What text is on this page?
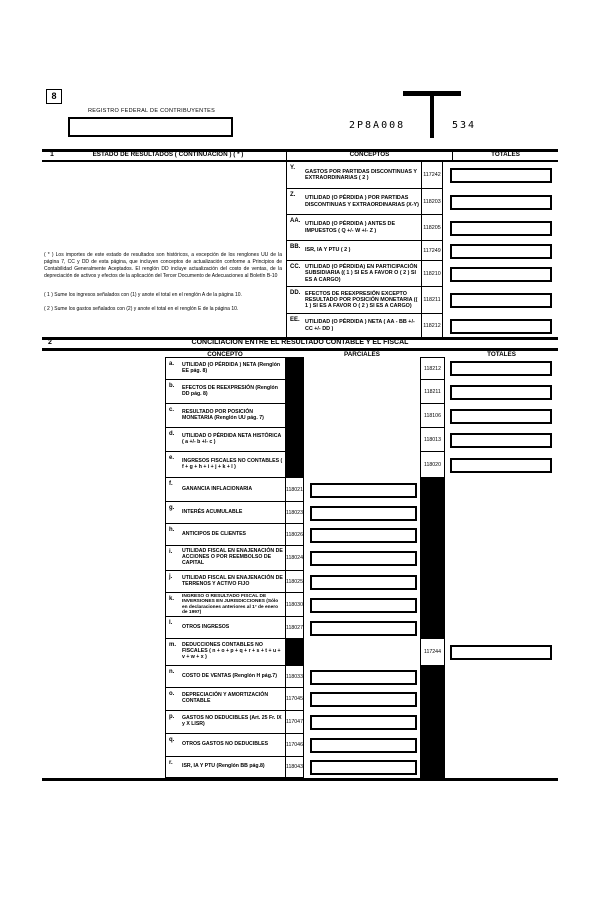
8
REGISTRO FEDERAL DE CONTRIBUYENTES
2P8A008	534
1	ESTADO DE RESULTADOS ( CONTINUACIÓN ) ( * )	CONCEPTOS	TOTALES
Y.
GASTOS POR PARTIDAS DISCONTINUAS Y EXTRAORDINARIAS ( 2 )	117242
Z.
UTILIDAD (O PÉRDIDA ) POR PARTIDAS DISCONTINUAS Y EXTRAORDINARIAS (X-Y) 118203
AA.
UTILIDAD (O PÉRDIDA ) ANTES DE IMPUESTOS ( Q +/- W +/- Z )	118205
BB.
ISR, IA Y PTU ( 2 )	117249
CC. UTILIDAD (O PÉRDIDA) EN PARTICIPACIÓN SUBSIDIARIA (( 1 ) SI ES A FAVOR O ( 2 ) SI ES A CARGO)
118210
DD. EFECTOS DE REEXPRESIÓN EXCEPTO RESULTADO POR POSICIÓN MONETARIA (( 1 ) SI ES A FAVOR O ( 2 ) SI ES A CARGO)
118211
EE. UTILIDAD (O PÉRDIDA ) NETA ( AA - BB +/- CC +/- DD )	118212
( * ) Los importes de este estado de resultados son históricos, a excepción de los renglones UU de la página 7, CC y DD de esta página, que incluyen conceptos de actualización conforme a Principios de Contabilidad Generalmente Aceptados. El renglón DD incluye actualización del costo de ventas, de la depreciación de activos y efectos de la aplicación del Tercer Documento de Adecuaciones al Boletín B-10
( 1 ) Sume los ingresos señalados con (1) y anote el total en el renglón A de la página 10.
( 2 ) Sume los gastos señalados con (2) y anote el total en el renglón E de la página 10.
2	CONCILIACIÓN ENTRE EL RESULTADO CONTABLE Y EL FISCAL
CONCEPTO	PARCIALES	TOTALES
a.	UTILIDAD (O PÉRDIDA ) NETA (Renglón EE pág. 8)	118212
b.	EFECTOS DE REEXPRESIÓN (Renglón DD pág. 8)	118211
c.	RESULTADO POR POSICIÓN MONETARIA (Renglón UU pág. 7)	118106
d.	UTILIDAD O PÉRDIDA NETA HISTÓRICA ( a +/- b +/- c )	118013
e.	INGRESOS FISCALES NO CONTABLES ( f + g + h + i + j + k + l )	118020
f.
GANANCIA INFLACIONARIA	118021
g.
INTERÉS ACUMULABLE	118023
h.
ANTICIPOS DE CLIENTES	118026
i.	UTILIDAD FISCAL EN ENAJENACIÓN DE ACCIONES O POR REEMBOLSO DE CAPITAL
118024
j.	UTILIDAD FISCAL EN ENAJENACIÓN DE TERRENOS Y ACTIVO FIJO	118025
k.	INGRESO O RESULTADO FISCAL DE INVERSIONES EN JURISDICCIONES (Sólo en declaraciones anteriores al 1° de enero de 1997)
118030
l.
OTROS INGRESOS	118027
m.	DEDUCCIONES CONTABLES NO FISCALES ( n + o + p + q + r + s + t + u + v + w + x )
117244
n.
COSTO DE VENTAS (Renglón H pág.7)	118033
o.	DEPRECIACIÓN Y AMORTIZACIÓN CONTABLE	117045
p.	GASTOS NO DEDUCIBLES (Art. 25 Fr. IX y X LISR)	117047
q.
OTROS GASTOS NO DEDUCIBLES	117046
r.
ISR, IA Y PTU (Renglón BB pág.8)	118043
